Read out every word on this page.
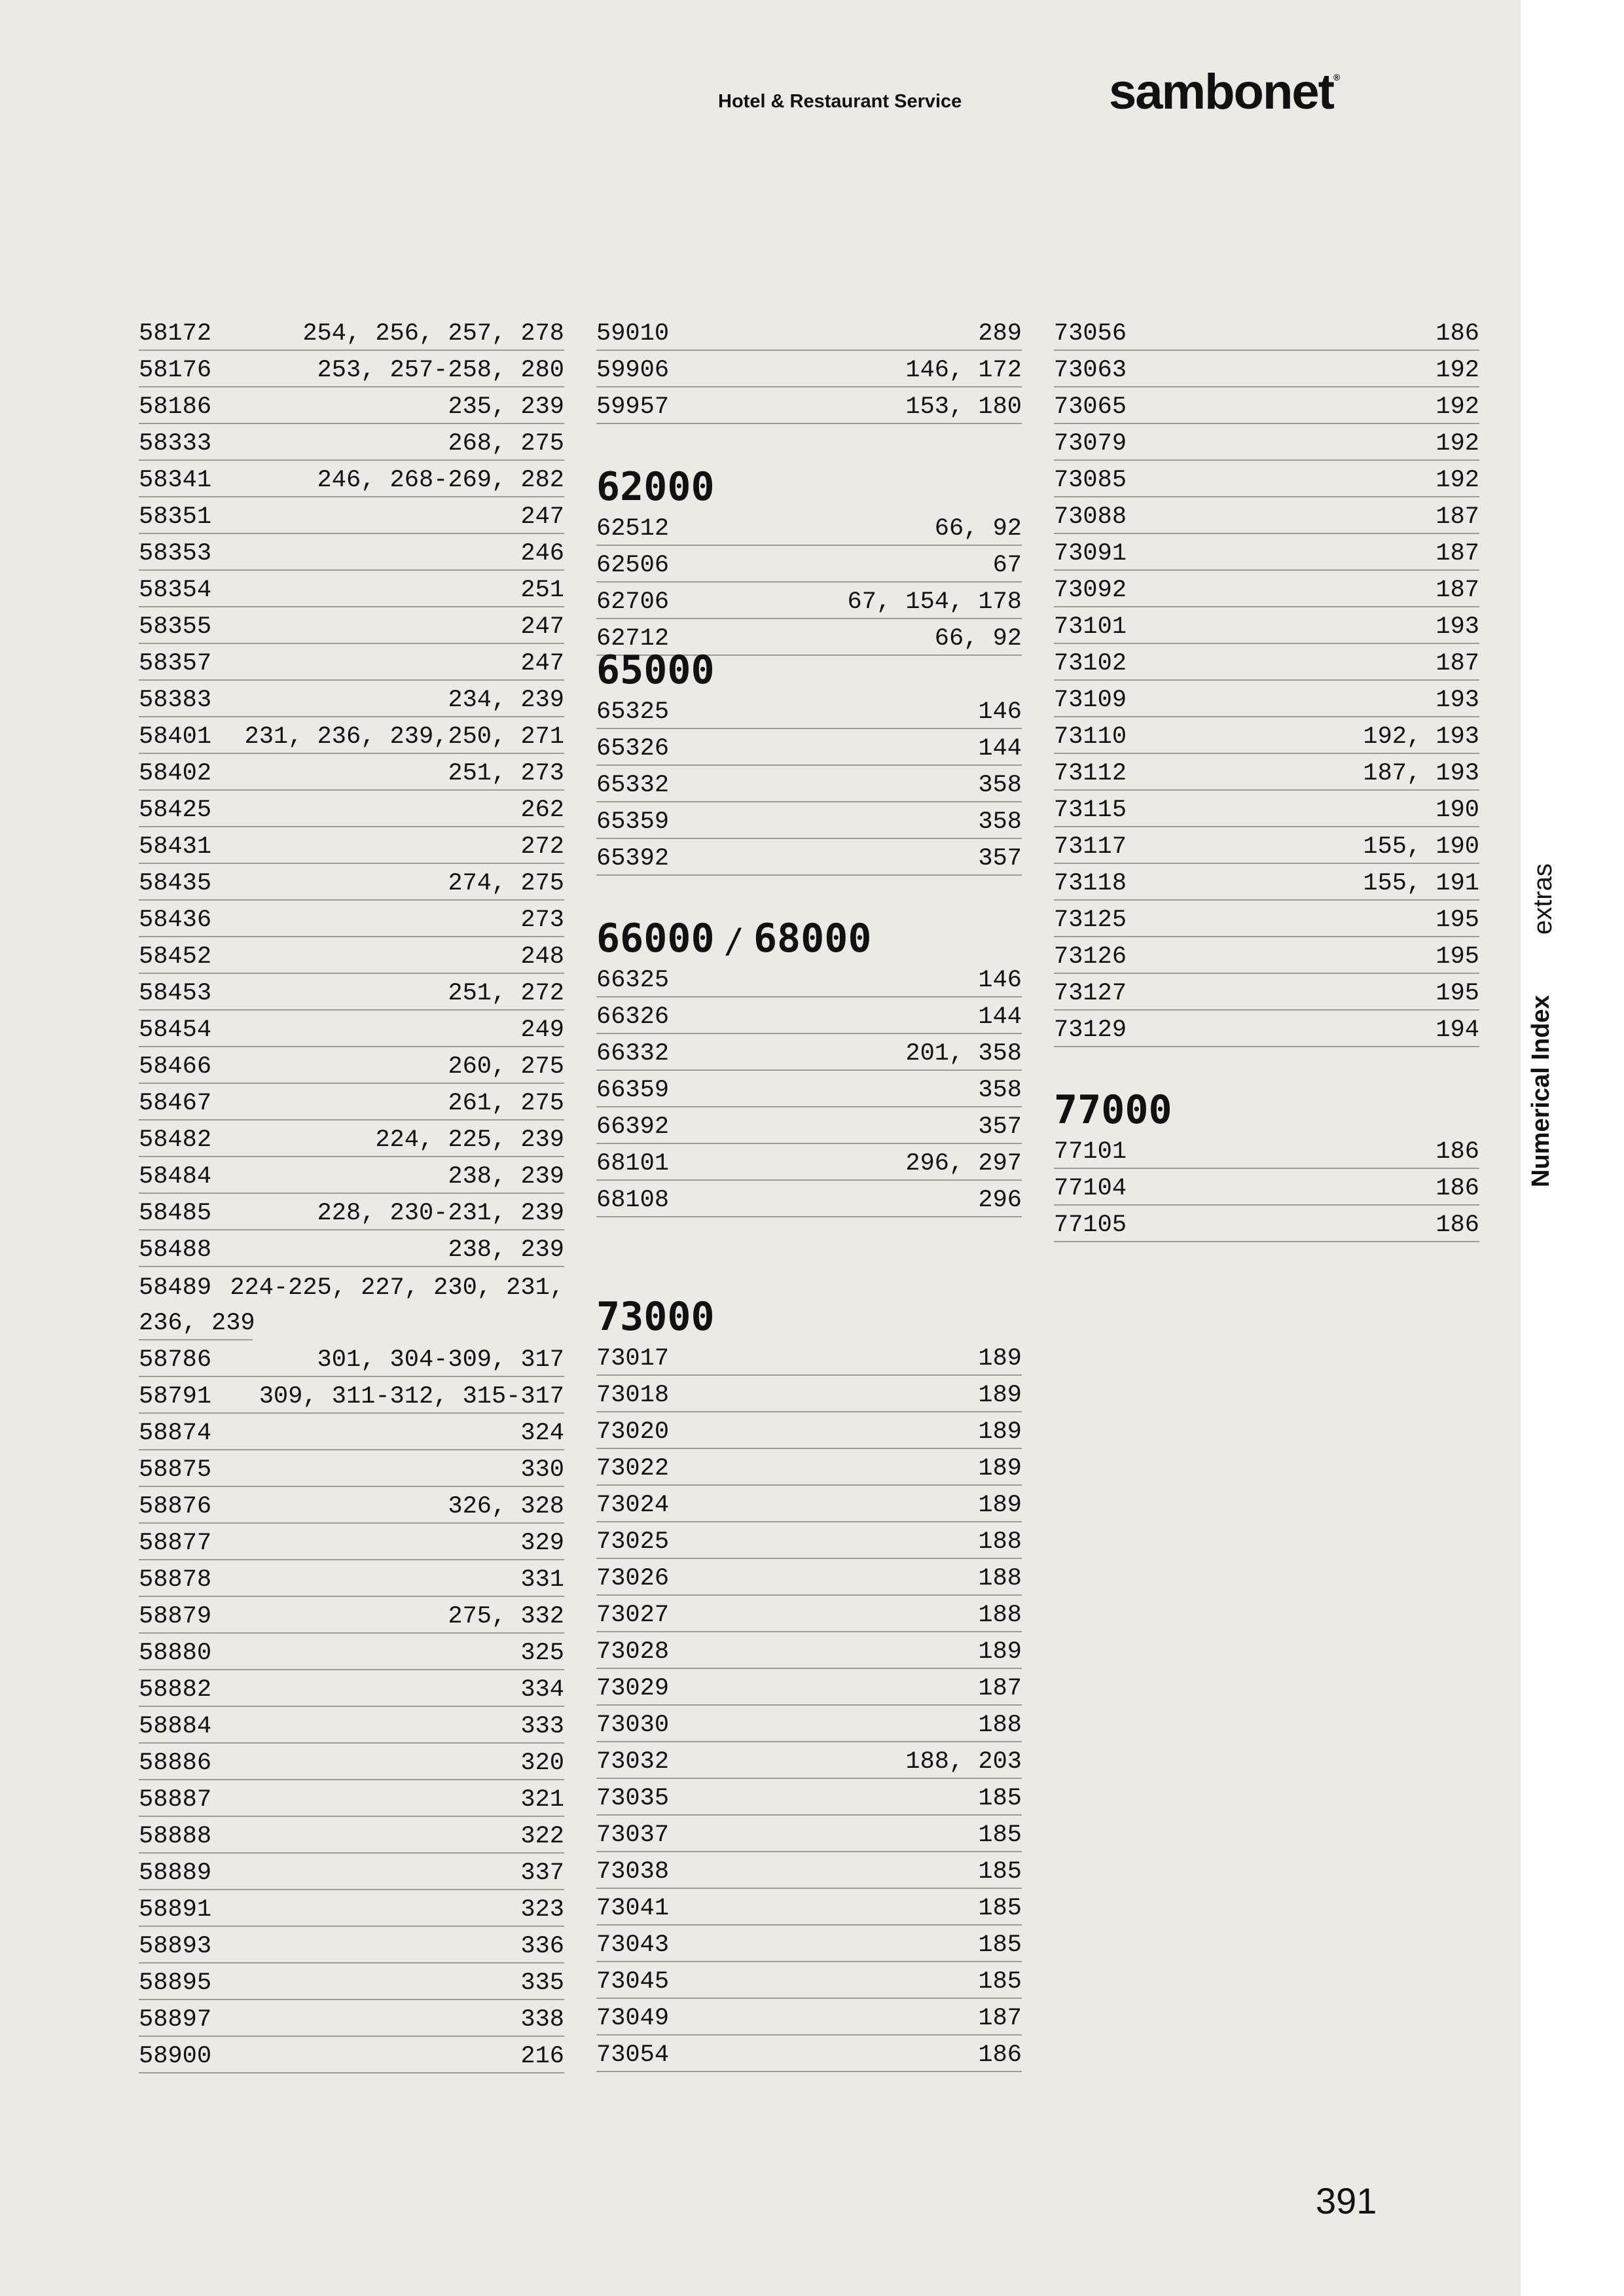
Hotel & Restaurant Service	sambonet®
58172	254, 256, 257, 278
58176	253, 257-258, 280
58186	235, 239
58333	268, 275
58341	246, 268-269, 282
58351	247
58353	246
58354	251
58355	247
58357	247
58383	234, 239
58401 231, 236, 239,250, 271
58402	251, 273
58425	262
58431	272
58435	274, 275
58436	273
58452	248
58453	251, 272
58454	249
58466	260, 275
58467	261, 275
58482	224, 225, 239
58484	238, 239
58485	228, 230-231, 239
58488	238, 239
58489 224-225, 227, 230, 231,
236, 239
58786	301, 304-309, 317
58791 309, 311-312, 315-317
58874	324
58875	330
58876	326, 328
58877	329
58878	331
58879	275, 332
58880	325
58882	334
58884	333
58886	320
58887	321
58888	322
58889	337
58891	323
58893	336
58895	335
58897	338
58900	216
59010	289
59906	146, 172
59957	153, 180
62000
62512	66, 92
62506	67
62706	67, 154, 178
62712	66, 92
65000
65325	146
65326	144
65332	358
65359	358
65392	357
66000 / 68000
66325	146
66326	144
66332	201, 358
66359	358
66392	357
68101	296, 297
68108	296
73000
73017	189
73018	189
73020	189
73022	189
73024	189
73025	188
73026	188
73027	188
73028	189
73029	187
73030	188
73032	188, 203
73035	185
73037	185
73038	185
73041	185
73043	185
73045	185
73049	187
73054	186
73056	186
73063	192
73065	192
73079	192
73085	192
73088	187
73091	187
73092	187
73101	193
73102	187
73109	193
73110	192, 193
73112	187, 193
73115	190
73117	155, 190
73118	155, 191
73125	195
73126	195
73127	195
73129	194
77000
77101	186
77104	186
77105	186
extras
Numerical Index
391
